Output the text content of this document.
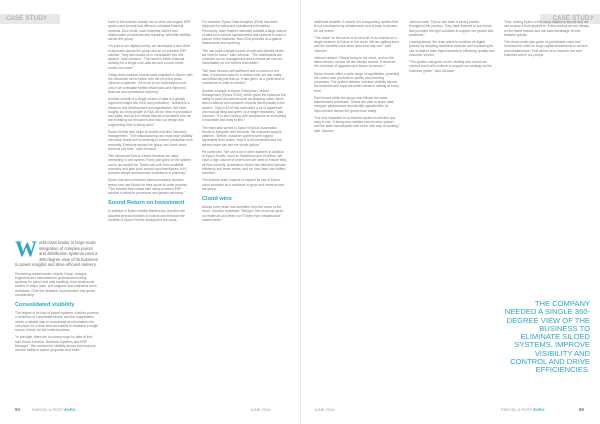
CASE STUDY
W orld-class leader in large-scale integration of complex parcel and distribution systems uses a 360-degree view of its business to power insights and drive efficient delivery.

Pioneering market leader, Autoliv Group, designs, engineers and manufactures professional sorting systems for parcel and mail handling, from small-scale sorters to major hubs, and supports and maintains them worldwide. Over the decades, its production has grown considerably.

Consolidated visibility

The largest of its kind of parcel systems, Autolivs process a collection of complicated flows, and the organisation needs a reliable way to consolidate its information into one place for a clear view and ability to establish a single source of truth for the entire business.

"In principle, there are too many ways for data to live," said Sarah Johnson, Business Systems and ERP Manager. "We needed the visibility across the business and the ability to speed up growth and close."

Each of the Autolivs brands ran on their own legacy ERP system and several had different, outdated financial systems. As a result, each business had its own independent procedures and reporting, with little visibility across the group.

"As part of our digital journey, we developed a new chart of accounts across the group and an on-premise ERP solution. They also asked us to consolidate into one system," said Johnson. "The result is better financial visibility for a single core data set and a much faster month-end close."

Today, three Autolivs brands have migrated to Epicor, with the remainder set to follow over the next few years. Johnson explained: "As more of our businesses move onto it we anticipate further efficiencies and improved financial and operational reporting."

Another benefit of a single source of data is a greatly improved insight into R&D and production. "Autolivs is a research and development-led organisation. We have roughly as many people in R&D as we have in production and sales, and so it is critical that we understand how we are investing our resources and how our design and engineering time is being used."

Epicor Kinetic also helps to enable real-time inventory management. "The manufacturing unit must have visibility into stock levels and scheduling to ensure production runs smoothly. Everyone across the group can check stock levels at any time," said Johnson.

"We introduced Epicor Kinetic because we need everything in one system. Every part goes on the system and is accounted for. Teams can pick from available inventory and plan work around accurate figures, so it reduces delays and improves confidence in planning."

Epicor has also enhanced sales processes. Autolivs teams now use Epicor for their quote-to-order process. "The solution that comes with using a mature ERP solution is ideal for processes and greater accuracy."

Sound Return on Investment

In addition to Epicor Mobile Warehouse, Autolivs has adopted several modules to extend and enhance the benefits of Epicor Kinetic deployed in the cloud.

For instance, Epicor Data Analytics (EDA) has been deployed for sales and operational information. Previously, team leaders manually collated a large volume of data from various spreadsheets and systems to build a picture of the business. Now EDA provides at-a-glance dashboards and reporting.

"We can build a single source of truth and identify where we need to focus," said Johnson. "The dashboards are reviewed by our management and it means we can act immediately on the metrics that matter."

"We have become self-sufficient and in control of our data. If someone asks for a certain view, we can easily and efficiently pull that up. It has given us a great deal of confidence in what is needed."

Another example is Epicor Enterprise Content Management (Epicor ECM), which gives the business the ability to store documents such as shipping notes, terms and conditions and customer records electronically in the system. "Epicor ECM has eliminated a lot of paperwork and manual filing and given us a single repository," said Johnson. "It is also helping with compliance as everything is traceable and easy to find."

The team also turned to Epicor's Epicor Automation Studio to integrate with Zendesk, the customer support platform. "Before, customer queries were logged separately from orders. Now it is all connected and the service team can see the whole picture."

He continued: "We use a lot of other systems in addition to Epicor Kinetic, such as Salesforce and Zendesk. We have a high volume of orders and we need to ensure they all flow correctly. Automation Studio has delivered greater efficiency and fewer errors, and we now have one unified workflow."

The Autolivs team expects to expand its use of Epicor cloud solutions as it continues to grow and invest across the group.

Cloud wins

Almost every team has benefited from the move to the cloud. Johnson explained: "Being in the cloud has given us resilience and freed our IT team from infrastructure maintenance."

94	PARCEL & POST EXPO	JUNE 2018
CASE STUDY

additional benefits. It means it is a supporting system that is not constrained by infrastructure and is easy to access for our teams.

"The vision for the future is to have all of our brands on a single instance of Epicor in the cloud. We are getting there and the benefits have been clear from day one," said Johnson.

Johnson added: "Simply being in the cloud, and on the latest version, means we are always current. It removes the overhead of upgrades and keeps us secure."

Epicor Kinetic offers a wide range of capabilities, providing full control over production, quality and planning processes. The system delivers real-time visibility across the business and supports better decision making at every level.

Each brand within the group now follows the same standardised processes. Teams are able to share data, compare performance and identify opportunities for improvement across the group more easily.

"It is very important to us that the system is intuitive and easy to use. Training new starters has become quicker and the team has adapted well to the new way of working," said Johnson.

Johnson said: "Epicor has been a strong partner throughout the process. They have listened to our needs and provided the right solutions to support our growth and ambitions."

Looking ahead, the team plans to continue its digital journey by adopting additional modules and expanding its use of data to drive improvements in efficiency, quality and customer service.

"The system has given us the visibility and control we needed and it will continue to support our strategy as the business grows," said Johnson.

Thus, having Epicor in the cloud makes us secure and we can access it from anywhere. It also means we are always on the latest release and can take advantage of new features quickly.

The cloud model also gives us predictable costs and removes the need for large capital investments in servers and infrastructure. That allows us to invest in our core business and in our people.

THE COMPANY NEEDED A SINGLE 360-DEGREE VIEW OF THE BUSINESS TO ELIMINATE SILOED SYSTEMS, IMPROVE VISIBILITY AND CONTROL AND DRIVE EFFICIENCIES.
JUNE 2018	PARCEL & POST EXPO	95
